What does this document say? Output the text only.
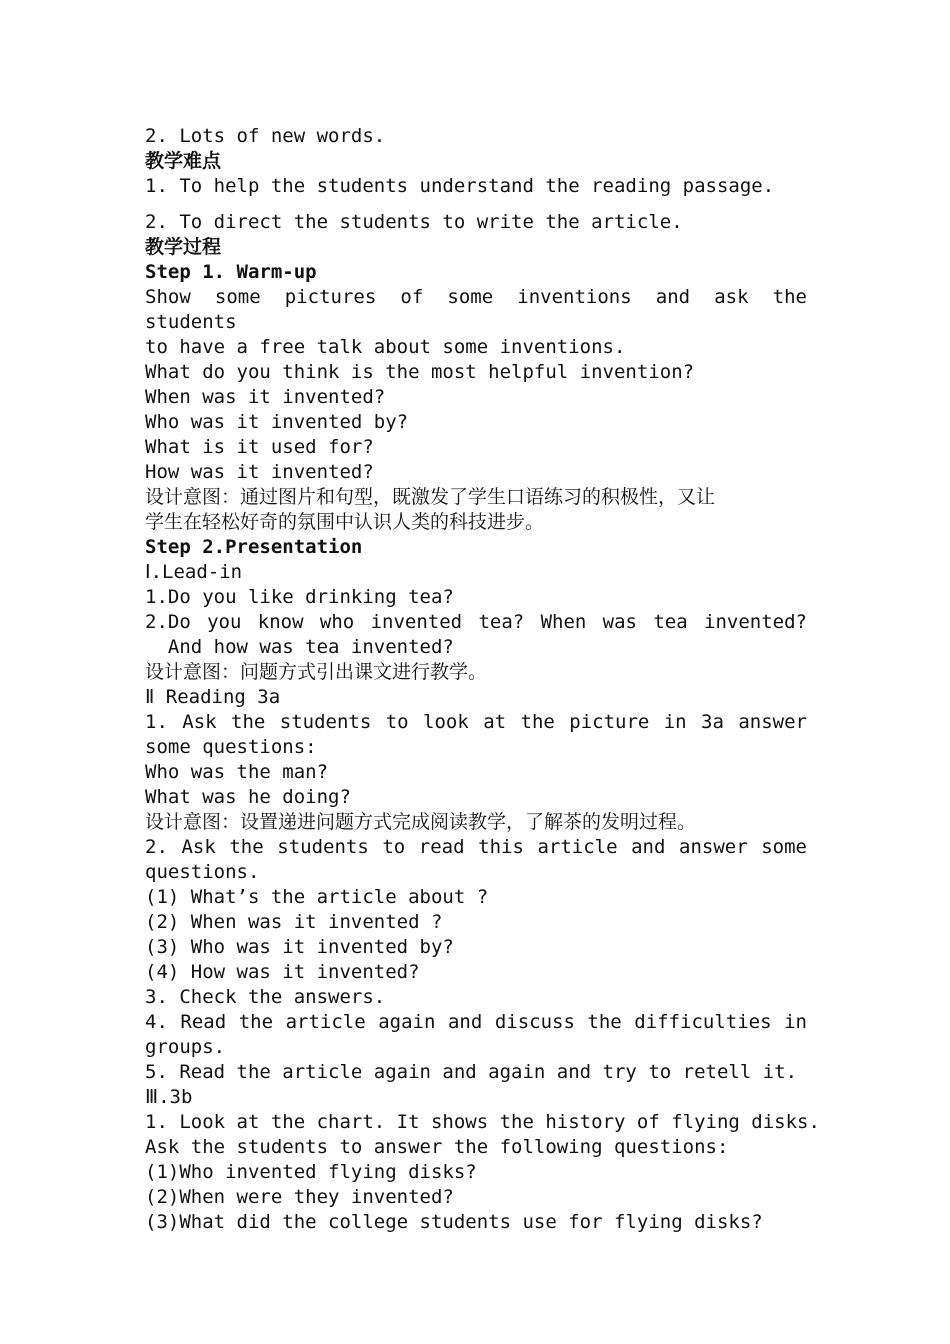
2. Lots of new words.
教学难点
1. To help the students understand the reading passage.
2. To direct the students to write the article.
教学过程
Step 1. Warm-up
Show some pictures of some inventions and ask the students
to have a free talk about some inventions.
What do you think is the most helpful invention?
When was it invented?
Who was it invented by?
What is it used for?
How was it invented?
设计意图：通过图片和句型，既激发了学生口语练习的积极性，又让
学生在轻松好奇的氛围中认识人类的科技进步。
Step 2.Presentation
Ⅰ.Lead-in
1.Do you like drinking tea?
2.Do you know who invented tea? When was tea invented?
And how was tea invented?
设计意图：问题方式引出课文进行教学。
Ⅱ Reading 3a
1. Ask the students to look at the picture in 3a answer
some questions:
Who was the man?
What was he doing?
设计意图：设置递进问题方式完成阅读教学，了解茶的发明过程。
2. Ask the students to read this article and answer some
questions.
(1) What’s the article about ?
(2) When was it invented ?
(3) Who was it invented by?
(4) How was it invented?
3. Check the answers.
4. Read the article again and discuss the difficulties in
groups.
5. Read the article again and again and try to retell it.
Ⅲ.3b
1. Look at the chart. It shows the history of flying disks.
Ask the students to answer the following questions:
(1)Who invented flying disks?
(2)When were they invented?
(3)What did the college students use for flying disks?
